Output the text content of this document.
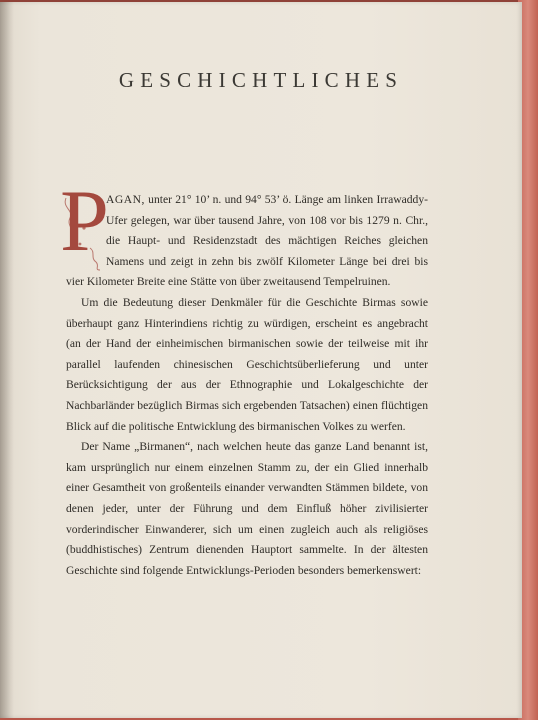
GESCHICHTLICHES

P
AGAN, unter 21° 10’ n. und 94° 53’ ö. Länge am linken Irrawaddy-Ufer gelegen, war über tausend Jahre, von 108 vor bis 1279 n. Chr., die Haupt- und Residenzstadt des mächtigen Reiches gleichen Namens und zeigt in zehn bis zwölf Kilometer Länge bei drei bis vier Kilometer Breite eine Stätte von über zweitausend Tempelruinen.

Um die Bedeutung dieser Denkmäler für die Geschichte Birmas sowie überhaupt ganz Hinterindiens richtig zu würdigen, erscheint es angebracht (an der Hand der einheimischen birmanischen sowie der teilweise mit ihr parallel laufenden chinesischen Geschichtsüberlieferung und unter Berücksichtigung der aus der Ethnographie und Lokalgeschichte der Nachbarländer bezüglich Birmas sich ergebenden Tatsachen) einen flüchtigen Blick auf die politische Entwicklung des birmanischen Volkes zu werfen.

Der Name „Birmanen“, nach welchen heute das ganze Land benannt ist, kam ursprünglich nur einem einzelnen Stamm zu, der ein Glied innerhalb einer Gesamtheit von großenteils einander verwandten Stämmen bildete, von denen jeder, unter der Führung und dem Einfluß höher zivilisierter vorderindischer Einwanderer, sich um einen zugleich auch als religiöses (buddhistisches) Zentrum dienenden Hauptort sammelte. In der ältesten Geschichte sind folgende Entwicklungs-Perioden besonders bemerkenswert:
